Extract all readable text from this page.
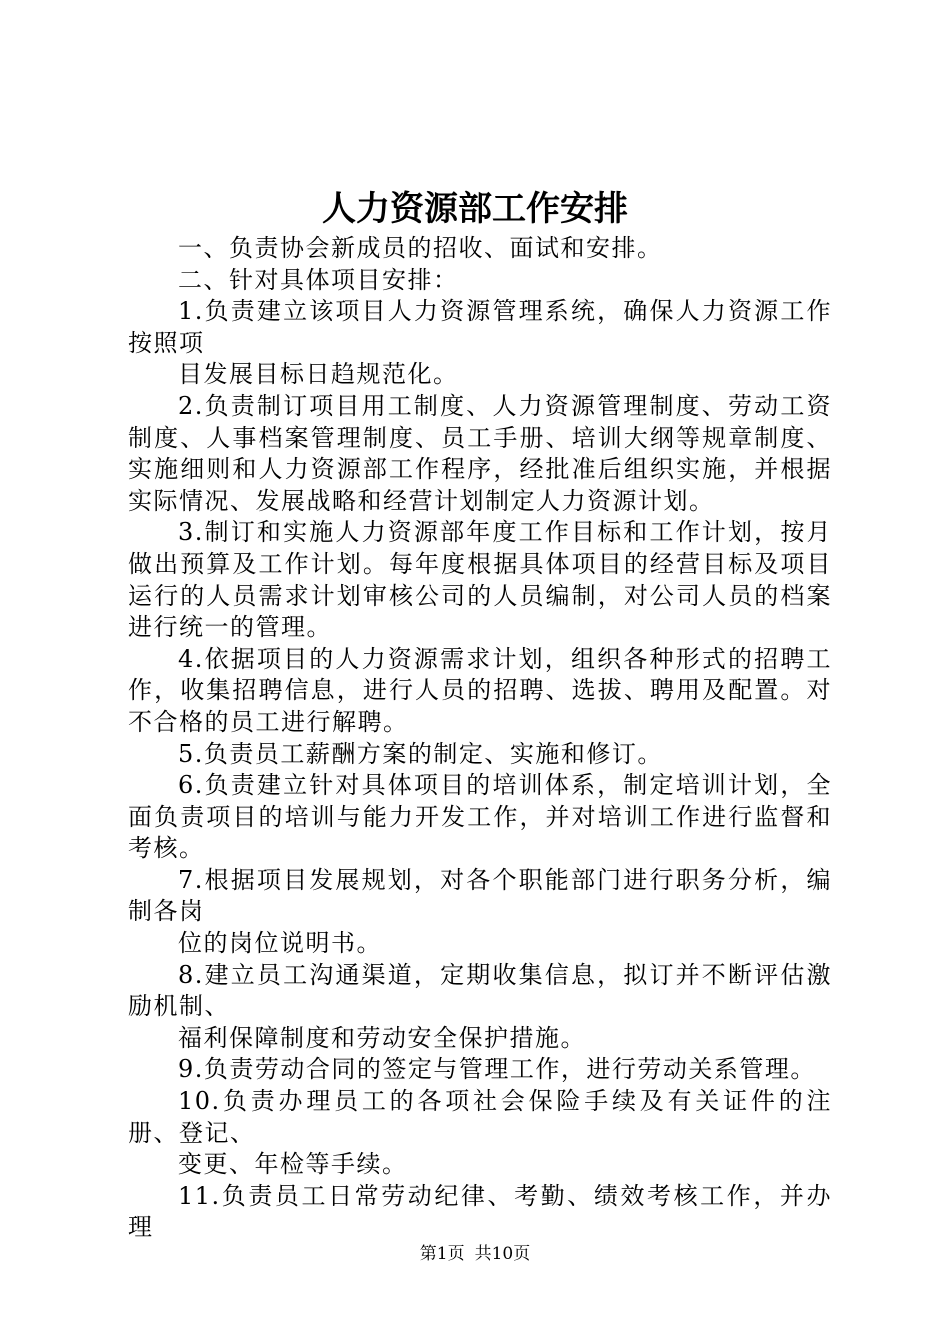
人力资源部工作安排

一、负责协会新成员的招收、面试和安排。

二、针对具体项目安排：

1.负责建立该项目人力资源管理系统，确保人力资源工作按照项

目发展目标日趋规范化。

2.负责制订项目用工制度、人力资源管理制度、劳动工资制度、人事档案管理制度、员工手册、培训大纲等规章制度、实施细则和人力资源部工作程序，经批准后组织实施，并根据实际情况、发展战略和经营计划制定人力资源计划。

3.制订和实施人力资源部年度工作目标和工作计划，按月做出预算及工作计划。每年度根据具体项目的经营目标及项目运行的人员需求计划审核公司的人员编制，对公司人员的档案进行统一的管理。

4.依据项目的人力资源需求计划，组织各种形式的招聘工作，收集招聘信息，进行人员的招聘、选拔、聘用及配置。对不合格的员工进行解聘。

5.负责员工薪酬方案的制定、实施和修订。

6.负责建立针对具体项目的培训体系，制定培训计划，全面负责项目的培训与能力开发工作，并对培训工作进行监督和考核。

7.根据项目发展规划，对各个职能部门进行职务分析，编制各岗

位的岗位说明书。

8.建立员工沟通渠道，定期收集信息，拟订并不断评估激励机制、

福利保障制度和劳动安全保护措施。

9.负责劳动合同的签定与管理工作，进行劳动关系管理。

10.负责办理员工的各项社会保险手续及有关证件的注册、登记、

变更、年检等手续。

11.负责员工日常劳动纪律、考勤、绩效考核工作，并办理

第1页 共10页
